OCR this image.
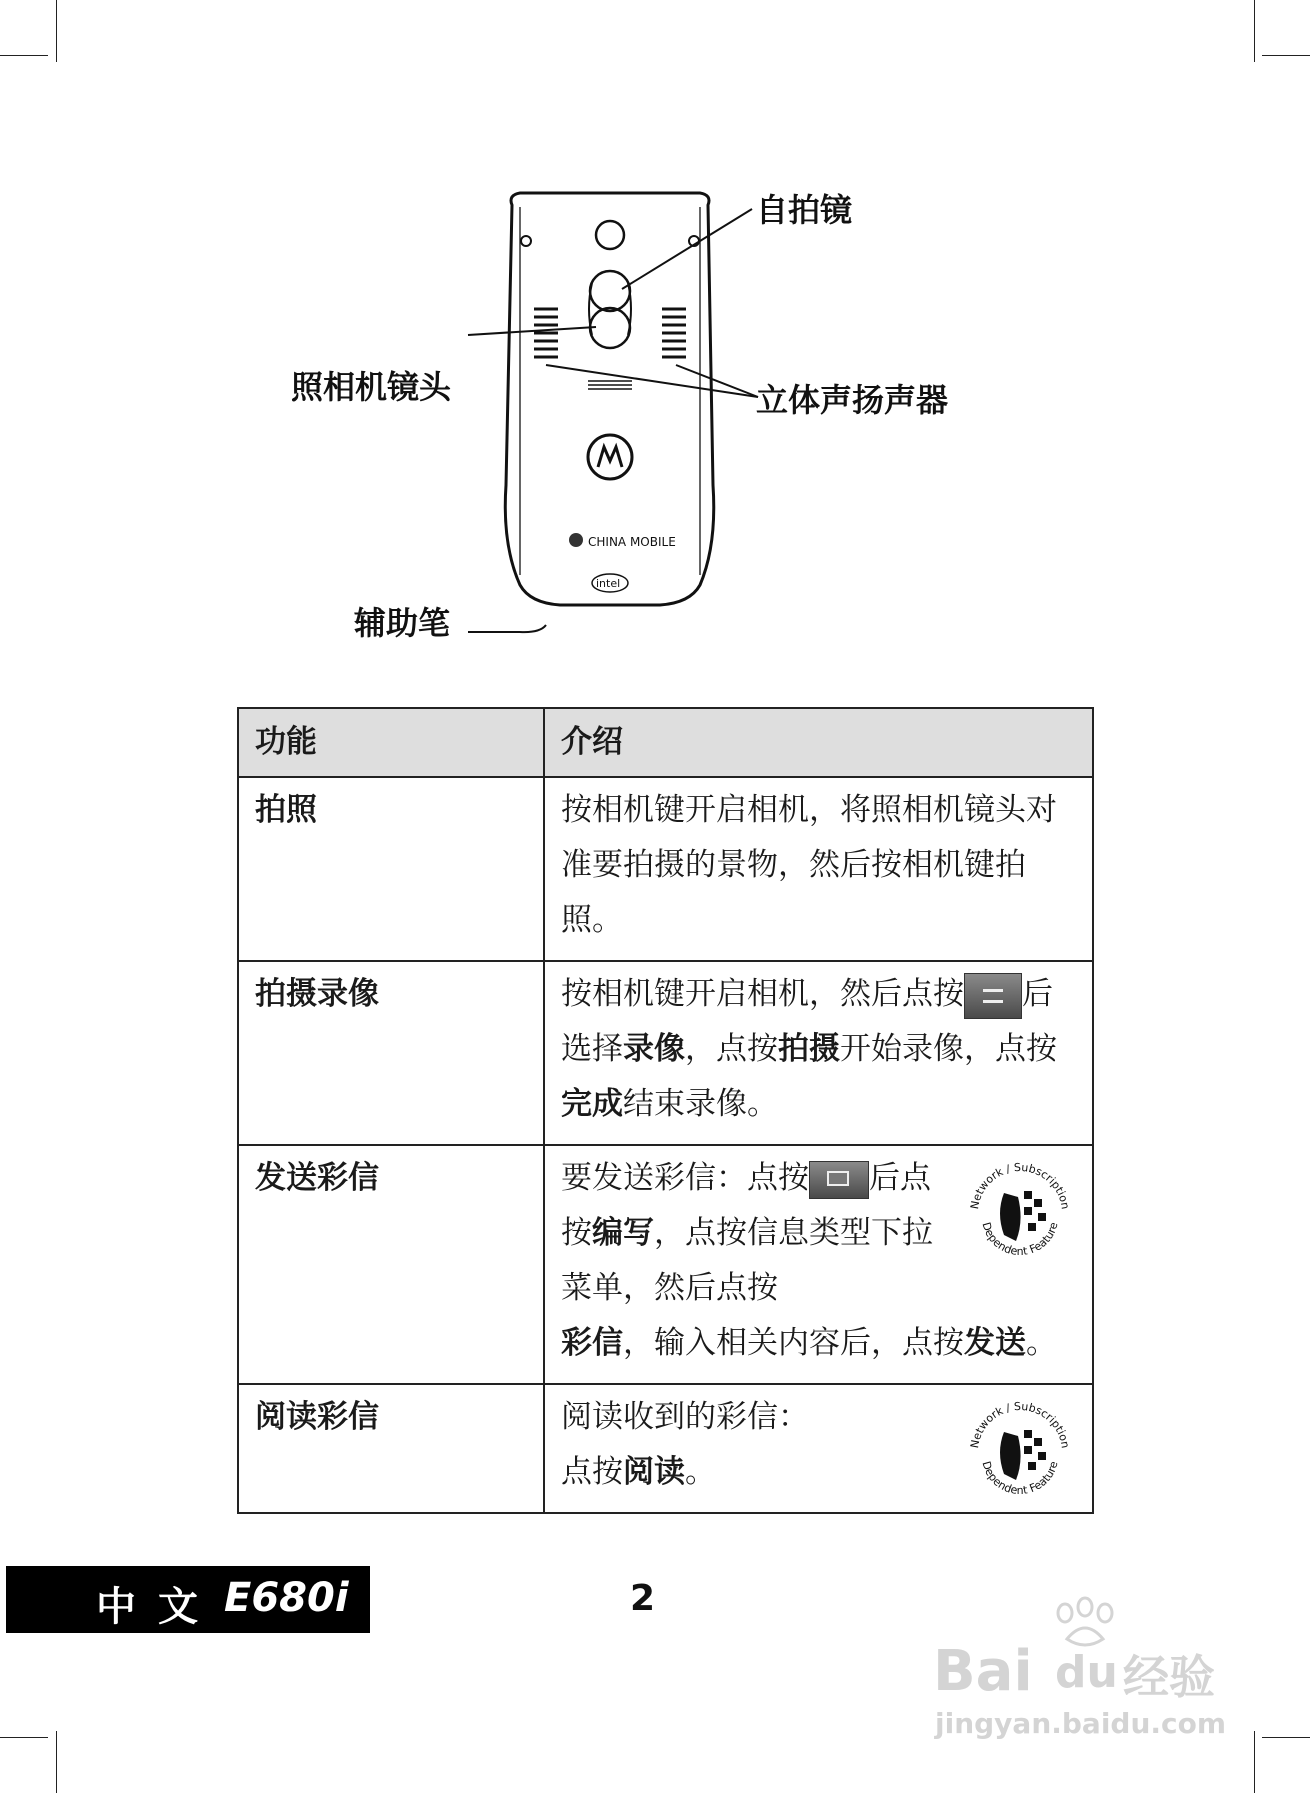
CHINA MOBILE
intel
自拍镜
照相机镜头	立体声扬声器
辅助笔
功能	介绍
拍照	按相机键开启相机，将照相机镜头对准要拍摄的景物，然后按相机键拍照。
拍摄录像	按相机键开启相机，然后点按 后选择录像，点按拍摄开始录像，点按完成结束录像。
发送彩信	要发送彩信：点按 后点按编写，点按信息类型下拉菜单，然后点按
彩信，输入相关内容后，点按发送。
Network / Subscription
Dependent Feature

阅读彩信	阅读收到的彩信：
点按阅读。
Network / Subscription
Dependent Feature
中 文 E680i	2
Bai du 经验
jingyan.baidu.com
